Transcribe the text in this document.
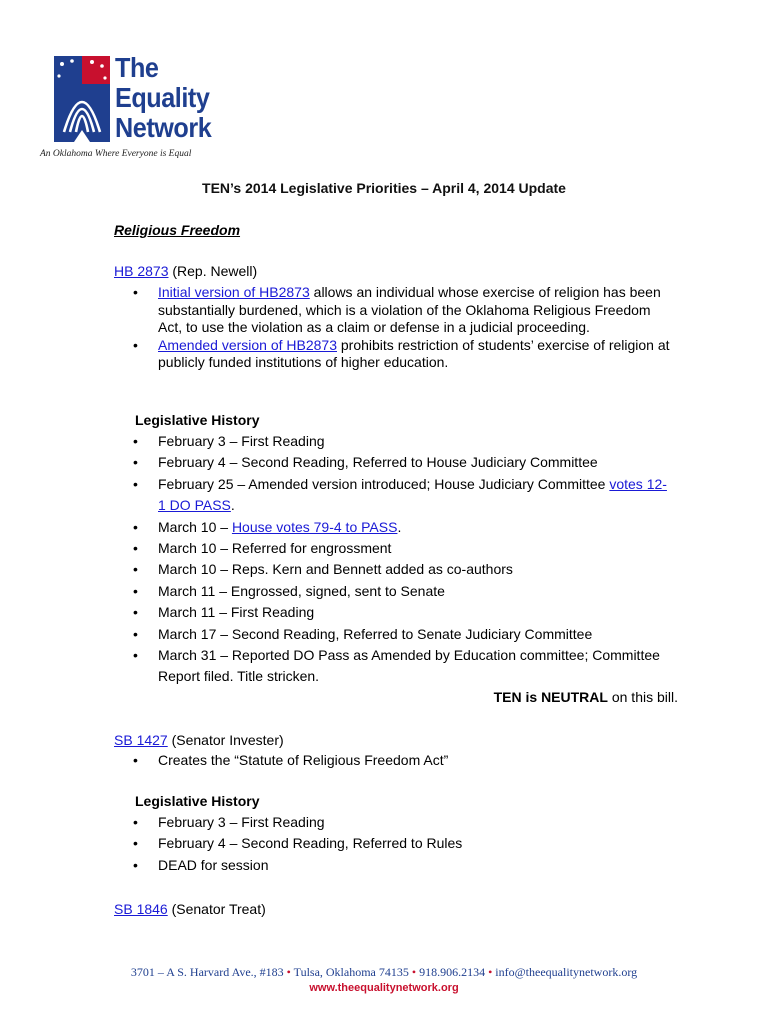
The
Equality
Network
An Oklahoma Where Everyone is Equal
TEN’s 2014 Legislative Priorities – April 4, 2014 Update
Religious Freedom
HB 2873 (Rep. Newell)
• Initial version of HB2873 allows an individual whose exercise of religion has been substantially burdened, which is a violation of the Oklahoma Religious Freedom Act, to use the violation as a claim or defense in a judicial proceeding.
• Amended version of HB2873 prohibits restriction of students’ exercise of religion at publicly funded institutions of higher education.
Legislative History
• February 3 – First Reading
• February 4 – Second Reading, Referred to House Judiciary Committee
• February 25 – Amended version introduced; House Judiciary Committee votes 12-1 DO PASS.
• March 10 – House votes 79-4 to PASS.
• March 10 – Referred for engrossment
• March 10 – Reps. Kern and Bennett added as co-authors
• March 11 – Engrossed, signed, sent to Senate
• March 11 – First Reading
• March 17 – Second Reading, Referred to Senate Judiciary Committee
• March 31 – Reported DO Pass as Amended by Education committee; Committee Report filed. Title stricken.
TEN is NEUTRAL on this bill.
SB 1427 (Senator Invester)
• Creates the “Statute of Religious Freedom Act”
Legislative History
• February 3 – First Reading
• February 4 – Second Reading, Referred to Rules
• DEAD for session
SB 1846 (Senator Treat)
3701 – A S. Harvard Ave., #183 • Tulsa, Oklahoma 74135 • 918.906.2134 • info@theequalitynetwork.org
www.theequalitynetwork.org
